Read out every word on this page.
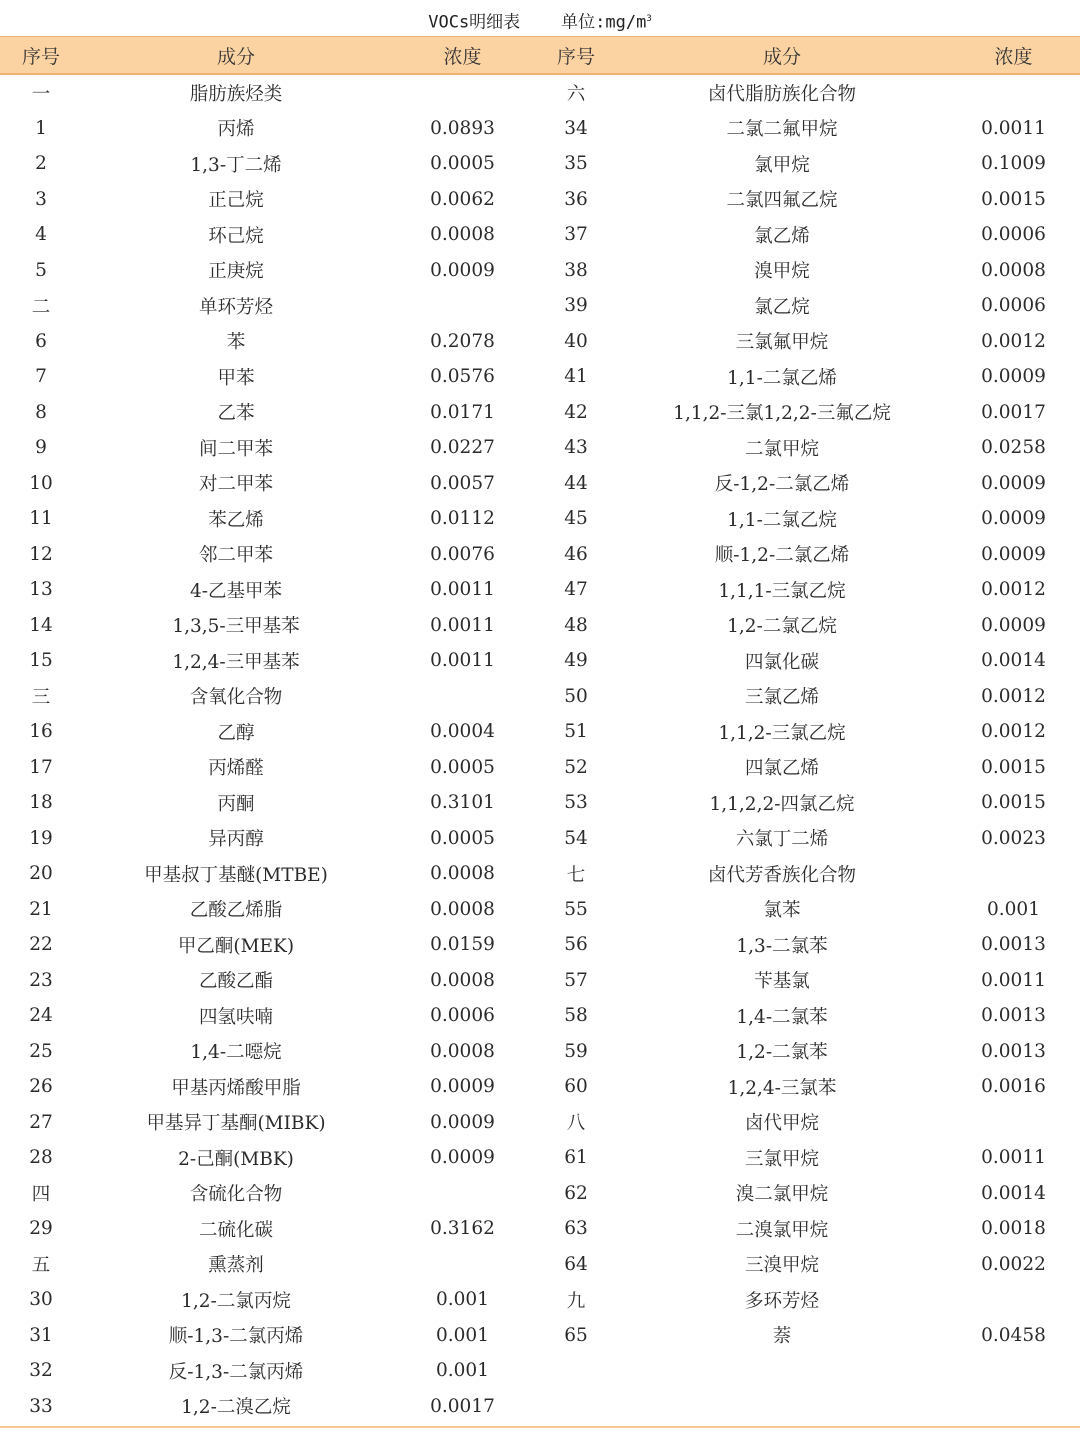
VOCs明细表 单位$:mg/m^3$
序号	成分	浓度	序号	成分	浓度
一	脂肪族烃类		六	卤代脂肪族化合物	
1	丙烯	0.0893	34	二氯二氟甲烷	0.0011
2	1,3-丁二烯	0.0005	35	氯甲烷	0.1009
3	正己烷	0.0062	36	二氯四氟乙烷	0.0015
4	环己烷	0.0008	37	氯乙烯	0.0006
5	正庚烷	0.0009	38	溴甲烷	0.0008
二	单环芳烃		39	氯乙烷	0.0006
6	苯	0.2078	40	三氯氟甲烷	0.0012
7	甲苯	0.0576	41	1,1-二氯乙烯	0.0009
8	乙苯	0.0171	42	1,1,2-三氯1,2,2-三氟乙烷	0.0017
9	间二甲苯	0.0227	43	二氯甲烷	0.0258
10	对二甲苯	0.0057	44	反-1,2-二氯乙烯	0.0009
11	苯乙烯	0.0112	45	1,1-二氯乙烷	0.0009
12	邻二甲苯	0.0076	46	顺-1,2-二氯乙烯	0.0009
13	4-乙基甲苯	0.0011	47	1,1,1-三氯乙烷	0.0012
14	1,3,5-三甲基苯	0.0011	48	1,2-二氯乙烷	0.0009
15	1,2,4-三甲基苯	0.0011	49	四氯化碳	0.0014
三	含氧化合物		50	三氯乙烯	0.0012
16	乙醇	0.0004	51	1,1,2-三氯乙烷	0.0012
17	丙烯醛	0.0005	52	四氯乙烯	0.0015
18	丙酮	0.3101	53	1,1,2,2-四氯乙烷	0.0015
19	异丙醇	0.0005	54	六氯丁二烯	0.0023
20	甲基叔丁基醚(MTBE)	0.0008	七	卤代芳香族化合物	
21	乙酸乙烯脂	0.0008	55	氯苯	0.001
22	甲乙酮(MEK)	0.0159	56	1,3-二氯苯	0.0013
23	乙酸乙酯	0.0008	57	苄基氯	0.0011
24	四氢呋喃	0.0006	58	1,4-二氯苯	0.0013
25	1,4-二噁烷	0.0008	59	1,2-二氯苯	0.0013
26	甲基丙烯酸甲脂	0.0009	60	1,2,4-三氯苯	0.0016
27	甲基异丁基酮(MIBK)	0.0009	八	卤代甲烷	
28	2-己酮(MBK)	0.0009	61	三氯甲烷	0.0011
四	含硫化合物		62	溴二氯甲烷	0.0014
29	二硫化碳	0.3162	63	二溴氯甲烷	0.0018
五	熏蒸剂		64	三溴甲烷	0.0022
30	1,2-二氯丙烷	0.001	九	多环芳烃	
31	顺-1,3-二氯丙烯	0.001	65	萘	0.0458
32	反-1,3-二氯丙烯	0.001			
33	1,2-二溴乙烷	0.0017			
